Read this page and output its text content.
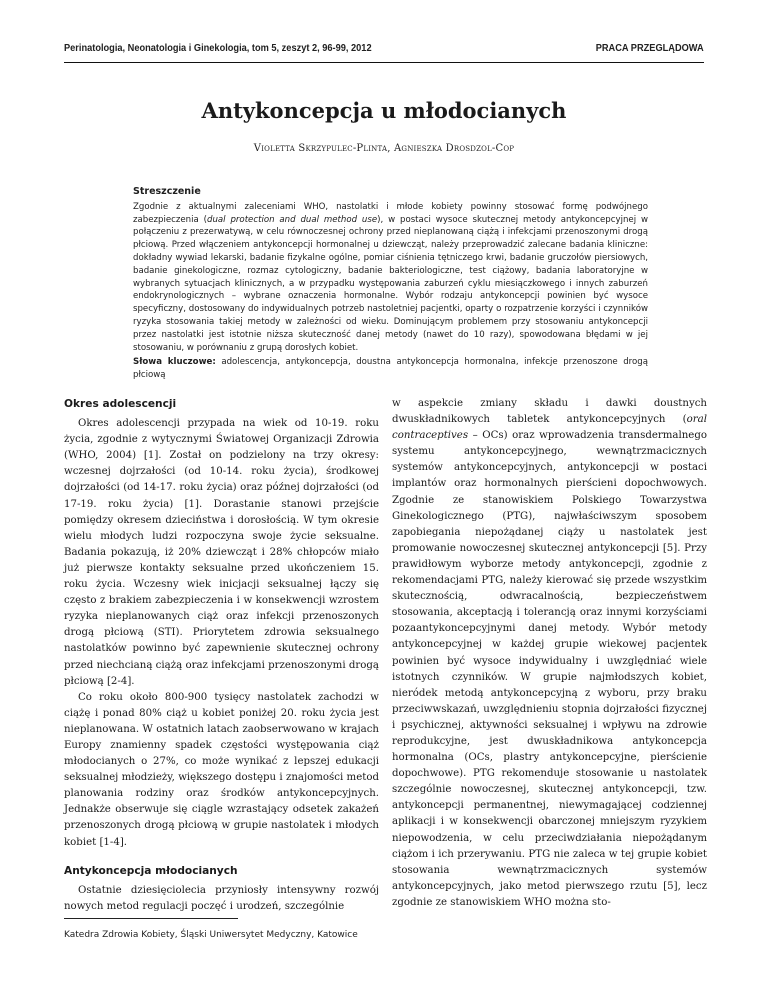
Perinatologia, Neonatologia i Ginekologia, tom 5, zeszyt 2, 96-99, 2012	PRACA PRZEGLĄDOWA
Antykoncepcja u młodocianych
Violetta Skrzypulec-Plinta, Agnieszka Drosdzol-Cop
Streszczenie

Zgodnie z aktualnymi zaleceniami WHO, nastolatki i młode kobiety powinny stosować formę podwójnego zabezpieczenia (dual protection and dual method use), w postaci wysoce skutecznej metody antykoncepcyjnej w połączeniu z prezerwatywą, w celu równoczesnej ochrony przed nieplanowaną ciążą i infekcjami przenoszonymi drogą płciową. Przed włączeniem antykoncepcji hormonalnej u dziewcząt, należy przeprowadzić zalecane badania kliniczne: dokładny wywiad lekarski, badanie fizykalne ogólne, pomiar ciśnienia tętniczego krwi, badanie gruczołów piersiowych, badanie ginekologiczne, rozmaz cytologiczny, badanie bakteriologiczne, test ciążowy, badania laboratoryjne w wybranych sytuacjach klinicznych, a w przypadku występowania zaburzeń cyklu miesiączkowego i innych zaburzeń endokrynologicznych – wybrane oznaczenia hormonalne. Wybór rodzaju antykoncepcji powinien być wysoce specyficzny, dostosowany do indywidualnych potrzeb nastoletniej pacjentki, oparty o rozpatrzenie korzyści i czynników ryzyka stosowania takiej metody w zależności od wieku. Dominującym problemem przy stosowaniu antykoncepcji przez nastolatki jest istotnie niższa skuteczność danej metody (nawet do 10 razy), spowodowana błędami w jej stosowaniu, w porównaniu z grupą dorosłych kobiet.

Słowa kluczowe: adolescencja, antykoncepcja, doustna antykoncepcja hormonalna, infekcje przenoszone drogą płciową

Okres adolescencji

Okres adolescencji przypada na wiek od 10-19. roku życia, zgodnie z wytycznymi Światowej Organizacji Zdrowia (WHO, 2004) [1]. Został on podzielony na trzy okresy: wczesnej dojrzałości (od 10-14. roku życia), środkowej dojrzałości (od 14-17. roku życia) oraz późnej dojrzałości (od 17-19. roku życia) [1]. Dorastanie stanowi przejście pomiędzy okresem dzieciństwa i dorosłością. W tym okresie wielu młodych ludzi rozpoczyna swoje życie seksualne. Badania pokazują, iż 20% dziewcząt i 28% chłopców miało już pierwsze kontakty seksualne przed ukończeniem 15. roku życia. Wczesny wiek inicjacji seksualnej łączy się często z brakiem zabezpieczenia i w konsekwencji wzrostem ryzyka nieplanowanych ciąż oraz infekcji przenoszonych drogą płciową (STI). Priorytetem zdrowia seksualnego nastolatków powinno być zapewnienie skutecznej ochrony przed niechcianą ciążą oraz infekcjami przenoszonymi drogą płciową [2-4].

Co roku około 800-900 tysięcy nastolatek zachodzi w ciążę i ponad 80% ciąż u kobiet poniżej 20. roku życia jest nieplanowana. W ostatnich latach zaobserwowano w krajach Europy znamienny spadek częstości występowania ciąż młodocianych o 27%, co może wynikać z lepszej edukacji seksualnej młodzieży, większego dostępu i znajomości metod planowania rodziny oraz środków antykoncepcyjnych. Jednakże obserwuje się ciągle wzrastający odsetek zakażeń przenoszonych drogą płciową w grupie nastolatek i młodych kobiet [1-4].

Antykoncepcja młodocianych

Ostatnie dziesięciolecia przyniosły intensywny rozwój nowych metod regulacji poczęć i urodzeń, szczególnie

w aspekcie zmiany składu i dawki doustnych dwuskładnikowych tabletek antykoncepcyjnych (oral contraceptives – OCs) oraz wprowadzenia transdermalnego systemu antykoncepcyjnego, wewnątrzmacicznych systemów antykoncepcyjnych, antykoncepcji w postaci implantów oraz hormonalnych pierścieni dopochwowych. Zgodnie ze stanowiskiem Polskiego Towarzystwa Ginekologicznego (PTG), najwłaściwszym sposobem zapobiegania niepożądanej ciąży u nastolatek jest promowanie nowoczesnej skutecznej antykoncepcji [5]. Przy prawidłowym wyborze metody antykoncepcji, zgodnie z rekomendacjami PTG, należy kierować się przede wszystkim skutecznością, odwracalnością, bezpieczeństwem stosowania, akceptacją i tolerancją oraz innymi korzyściami pozaantykoncepcyjnymi danej metody. Wybór metody antykoncepcyjnej w każdej grupie wiekowej pacjentek powinien być wysoce indywidualny i uwzględniać wiele istotnych czynników. W grupie najmłodszych kobiet, nieródek metodą antykoncepcyjną z wyboru, przy braku przeciwwskazań, uwzględnieniu stopnia dojrzałości fizycznej i psychicznej, aktywności seksualnej i wpływu na zdrowie reprodukcyjne, jest dwuskładnikowa antykoncepcja hormonalna (OCs, plastry antykoncepcyjne, pierścienie dopochwowe). PTG rekomenduje stosowanie u nastolatek szczególnie nowoczesnej, skutecznej antykoncepcji, tzw. antykoncepcji permanentnej, niewymagającej codziennej aplikacji i w konsekwencji obarczonej mniejszym ryzykiem niepowodzenia, w celu przeciwdziałania niepożądanym ciążom i ich przerywaniu. PTG nie zaleca w tej grupie kobiet stosowania wewnątrzmacicznych systemów antykoncepcyjnych, jako metod pierwszego rzutu [5], lecz zgodnie ze stanowiskiem WHO można sto-

Katedra Zdrowia Kobiety, Śląski Uniwersytet Medyczny, Katowice
